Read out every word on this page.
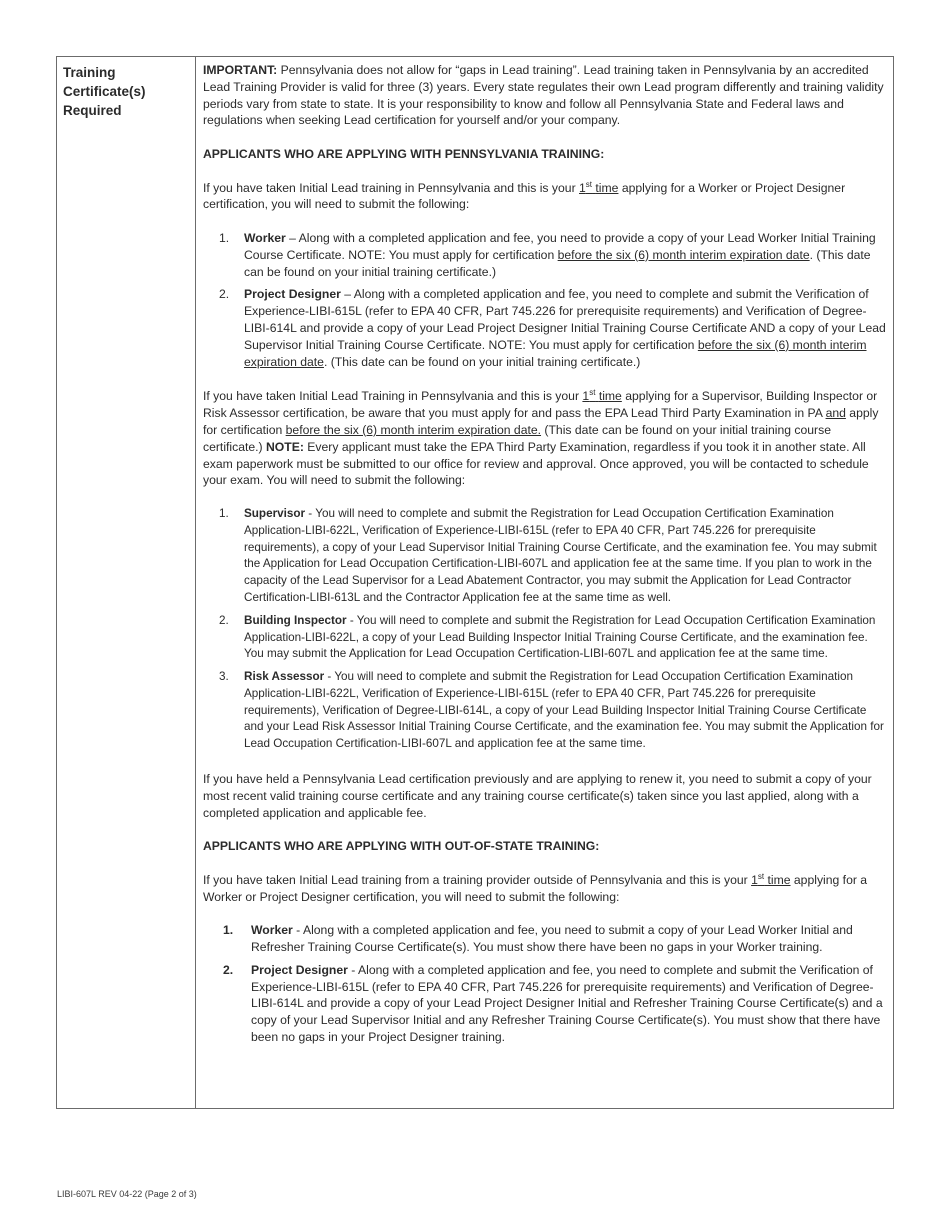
Training
Certificate(s)
Required

IMPORTANT: Pennsylvania does not allow for “gaps in Lead training”. Lead training taken in Pennsylvania by an accredited Lead Training Provider is valid for three (3) years. Every state regulates their own Lead program differently and training validity periods vary from state to state. It is your responsibility to know and follow all Pennsylvania State and Federal laws and regulations when seeking Lead certification for yourself and/or your company.

APPLICANTS WHO ARE APPLYING WITH PENNSYLVANIA TRAINING:

If you have taken Initial Lead training in Pennsylvania and this is your 1st time applying for a Worker or Project Designer certification, you will need to submit the following:

1. Worker – Along with a completed application and fee, you need to provide a copy of your Lead Worker Initial Training Course Certificate. NOTE: You must apply for certification before the six (6) month interim expiration date. (This date can be found on your initial training certificate.)
2. Project Designer – Along with a completed application and fee, you need to complete and submit the Verification of Experience-LIBI-615L (refer to EPA 40 CFR, Part 745.226 for prerequisite requirements) and Verification of Degree-LIBI-614L and provide a copy of your Lead Project Designer Initial Training Course Certificate AND a copy of your Lead Supervisor Initial Training Course Certificate. NOTE: You must apply for certification before the six (6) month interim expiration date. (This date can be found on your initial training certificate.)

If you have taken Initial Lead Training in Pennsylvania and this is your 1st time applying for a Supervisor, Building Inspector or Risk Assessor certification, be aware that you must apply for and pass the EPA Lead Third Party Examination in PA and apply for certification before the six (6) month interim expiration date. (This date can be found on your initial training course certificate.) NOTE: Every applicant must take the EPA Third Party Examination, regardless if you took it in another state. All exam paperwork must be submitted to our office for review and approval. Once approved, you will be contacted to schedule your exam. You will need to submit the following:

1. Supervisor - You will need to complete and submit the Registration for Lead Occupation Certification Examination Application-LIBI-622L, Verification of Experience-LIBI-615L (refer to EPA 40 CFR, Part 745.226 for prerequisite requirements), a copy of your Lead Supervisor Initial Training Course Certificate, and the examination fee. You may submit the Application for Lead Occupation Certification-LIBI-607L and application fee at the same time. If you plan to work in the capacity of the Lead Supervisor for a Lead Abatement Contractor, you may submit the Application for Lead Contractor Certification-LIBI-613L and the Contractor Application fee at the same time as well.
2. Building Inspector - You will need to complete and submit the Registration for Lead Occupation Certification Examination Application-LIBI-622L, a copy of your Lead Building Inspector Initial Training Course Certificate, and the examination fee. You may submit the Application for Lead Occupation Certification-LIBI-607L and application fee at the same time.
3. Risk Assessor - You will need to complete and submit the Registration for Lead Occupation Certification Examination Application-LIBI-622L, Verification of Experience-LIBI-615L (refer to EPA 40 CFR, Part 745.226 for prerequisite requirements), Verification of Degree-LIBI-614L, a copy of your Lead Building Inspector Initial Training Course Certificate and your Lead Risk Assessor Initial Training Course Certificate, and the examination fee. You may submit the Application for Lead Occupation Certification-LIBI-607L and application fee at the same time.

If you have held a Pennsylvania Lead certification previously and are applying to renew it, you need to submit a copy of your most recent valid training course certificate and any training course certificate(s) taken since you last applied, along with a completed application and applicable fee.

APPLICANTS WHO ARE APPLYING WITH OUT-OF-STATE TRAINING:

If you have taken Initial Lead training from a training provider outside of Pennsylvania and this is your 1st time applying for a Worker or Project Designer certification, you will need to submit the following:

1. Worker - Along with a completed application and fee, you need to submit a copy of your Lead Worker Initial and Refresher Training Course Certificate(s). You must show there have been no gaps in your Worker training.
2. Project Designer - Along with a completed application and fee, you need to complete and submit the Verification of Experience-LIBI-615L (refer to EPA 40 CFR, Part 745.226 for prerequisite requirements) and Verification of Degree-LIBI-614L and provide a copy of your Lead Project Designer Initial and Refresher Training Course Certificate(s) and a copy of your Lead Supervisor Initial and any Refresher Training Course Certificate(s). You must show that there have been no gaps in your Project Designer training.
LIBI-607L REV 04-22 (Page 2 of 3)
